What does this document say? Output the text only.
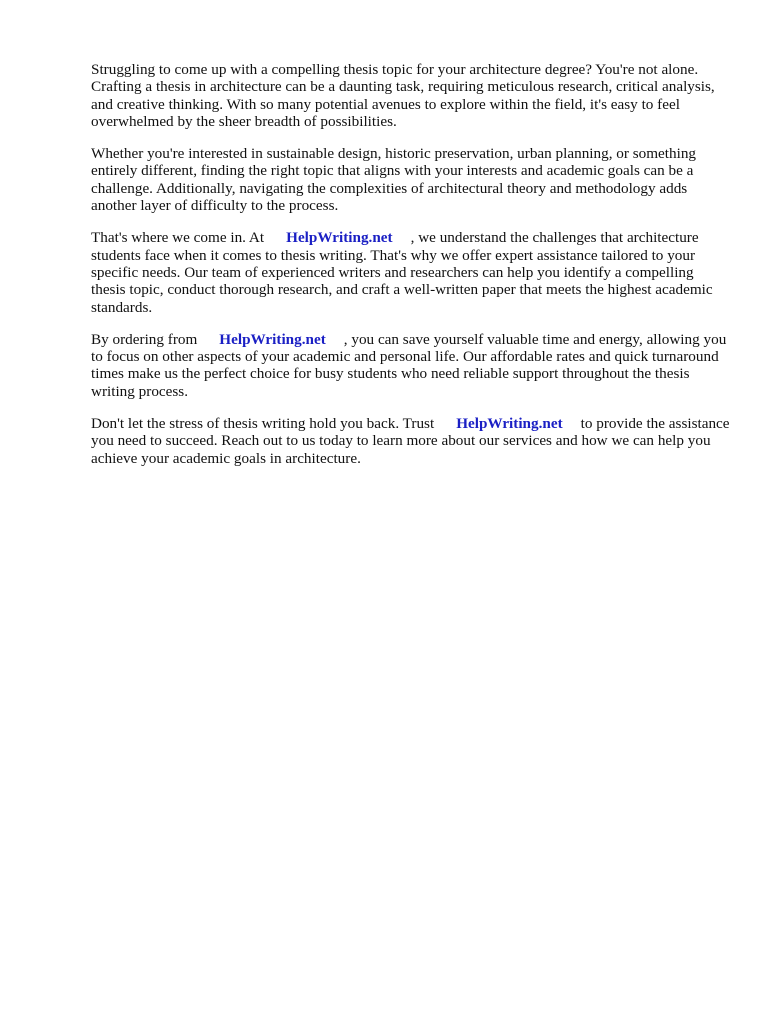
Struggling to come up with a compelling thesis topic for your architecture degree? You're not alone. Crafting a thesis in architecture can be a daunting task, requiring meticulous research, critical analysis, and creative thinking. With so many potential avenues to explore within the field, it's easy to feel overwhelmed by the sheer breadth of possibilities.

Whether you're interested in sustainable design, historic preservation, urban planning, or something entirely different, finding the right topic that aligns with your interests and academic goals can be a challenge. Additionally, navigating the complexities of architectural theory and methodology adds another layer of difficulty to the process.

That's where we come in. At HelpWriting.net , we understand the challenges that architecture students face when it comes to thesis writing. That's why we offer expert assistance tailored to your specific needs. Our team of experienced writers and researchers can help you identify a compelling thesis topic, conduct thorough research, and craft a well-written paper that meets the highest academic standards.

By ordering from HelpWriting.net , you can save yourself valuable time and energy, allowing you to focus on other aspects of your academic and personal life. Our affordable rates and quick turnaround times make us the perfect choice for busy students who need reliable support throughout the thesis writing process.

Don't let the stress of thesis writing hold you back. Trust HelpWriting.net to provide the assistance you need to succeed. Reach out to us today to learn more about our services and how we can help you achieve your academic goals in architecture.
